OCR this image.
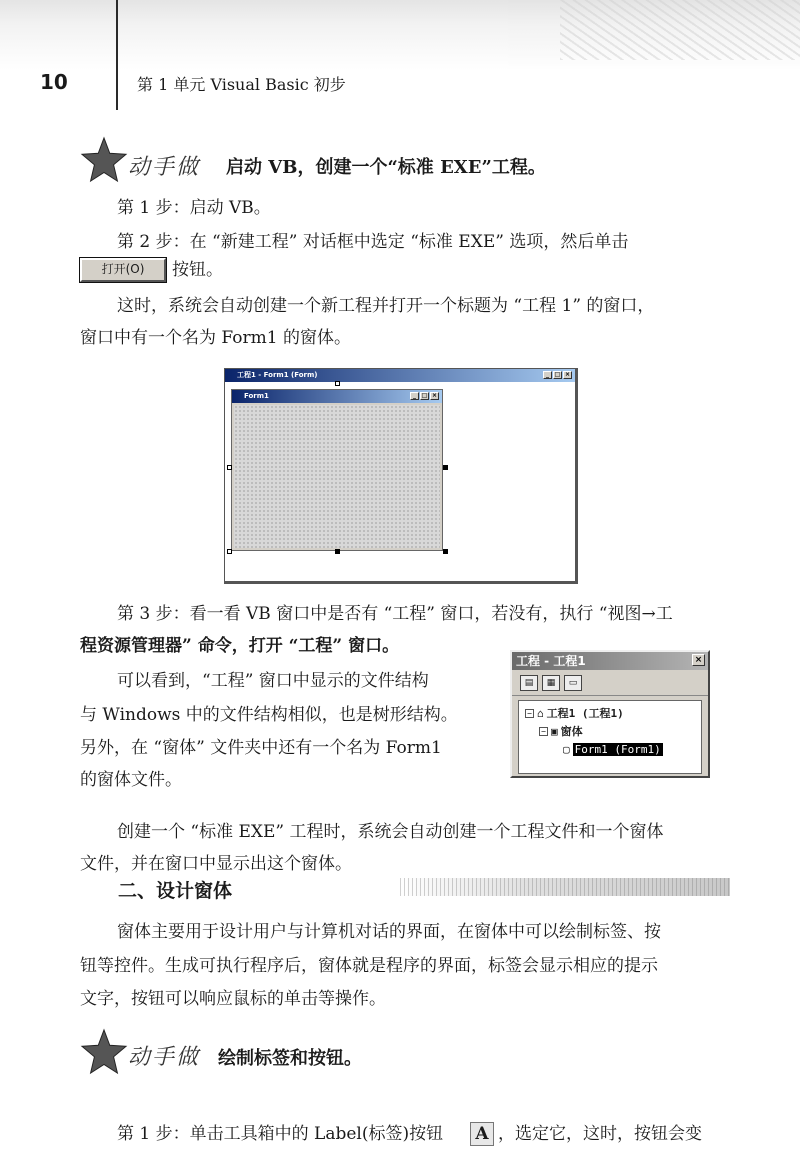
10	第 1 单元 Visual Basic 初步
动手做 启动 VB，创建一个“标准 EXE”工程。
第 1 步：启动 VB。
第 2 步：在 “新建工程” 对话框中选定 “标准 EXE” 选项，然后单击
打开(O)	按钮。
这时，系统会自动创建一个新工程并打开一个标题为 “工程 1” 的窗口，
窗口中有一个名为 Form1 的窗体。
工程1 - Form1 (Form)	_ □ ×
Form1	_ □ ×
第 3 步：看一看 VB 窗口中是否有 “工程” 窗口，若没有，执行 “视图→工
程资源管理器” 命令，打开 “工程” 窗口。
可以看到，“工程” 窗口中显示的文件结构
与 Windows 中的文件结构相似，也是树形结构。
另外，在 “窗体” 文件夹中还有一个名为 Form1
的窗体文件。
工程 - 工程1	×
▤	▦	▭
− ⌂ 工程1 (工程1)
− ▣ 窗体
▢ Form1 (Form1)
创建一个 “标准 EXE” 工程时，系统会自动创建一个工程文件和一个窗体
文件，并在窗口中显示出这个窗体。
二、设计窗体
窗体主要用于设计用户与计算机对话的界面，在窗体中可以绘制标签、按
钮等控件。生成可执行程序后，窗体就是程序的界面，标签会显示相应的提示
文字，按钮可以响应鼠标的单击等操作。
动手做 绘制标签和按钮。
第 1 步：单击工具箱中的 Label(标签)按钮	A ，选定它，这时，按钮会变
